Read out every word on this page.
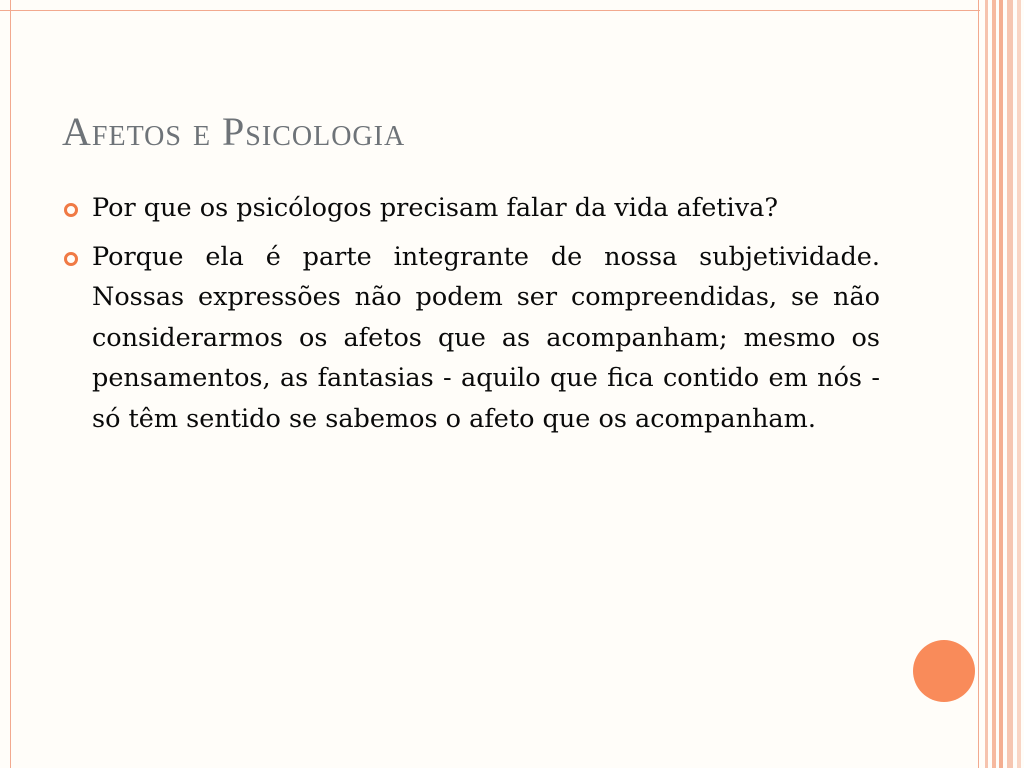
Afetos e Psicologia
Por que os psicólogos precisam falar da vida afetiva?
Porque ela é parte integrante de nossa subjetividade. Nossas expressões não podem ser compreendidas, se não considerarmos os afetos que as acompanham; mesmo os pensamentos, as fantasias - aquilo que fica contido em nós - só têm sentido se sabemos o afeto que os acompanham.
